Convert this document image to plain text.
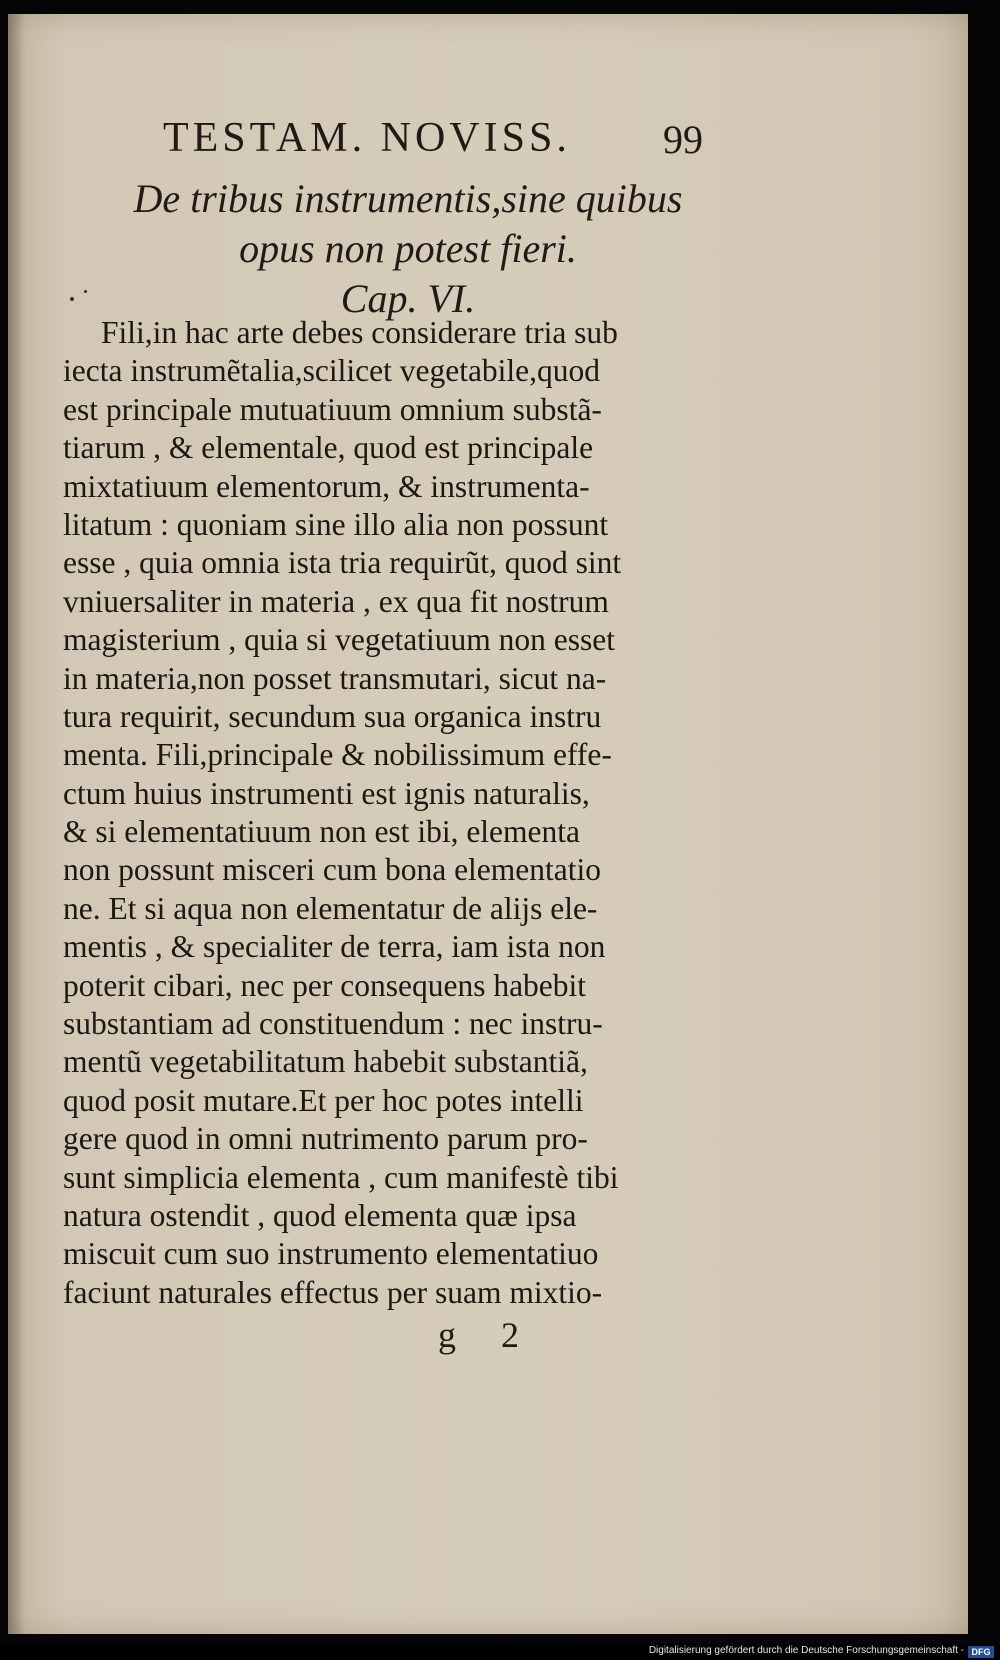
TESTAM. NOVISS. 99
De tribus instrumentis,sine quibus
opus non potest fieri.
Cap. VI.
Fili,in hac arte debes considerare tria sub
iecta instrumẽtalia,scilicet vegetabile,quod
est principale mutuatiuum omnium substã-
tiarum , & elementale, quod est principale
mixtatiuum elementorum, & instrumenta-
litatum : quoniam sine illo alia non possunt
esse , quia omnia ista tria requirũt, quod sint
vniuersaliter in materia , ex qua fit nostrum
magisterium , quia si vegetatiuum non esset
in materia,non posset transmutari, sicut na-
tura requirit, secundum sua organica instru
menta. Fili,principale & nobilissimum effe-
ctum huius instrumenti est ignis naturalis,
& si elementatiuum non est ibi, elementa
non possunt misceri cum bona elementatio
ne. Et si aqua non elementatur de alijs ele-
mentis , & specialiter de terra, iam ista non
poterit cibari, nec per consequens habebit
substantiam ad constituendum : nec instru-
mentũ vegetabilitatum habebit substantiã,
quod posit mutare.Et per hoc potes intelli
gere quod in omni nutrimento parum pro-
sunt simplicia elementa , cum manifestè tibi
natura ostendit , quod elementa quæ ipsa
miscuit cum suo instrumento elementatiuo
faciunt naturales effectus per suam mixtio-
g 2
Digitalisierung gefördert durch die Deutsche Forschungsgemeinschaft - DFG
